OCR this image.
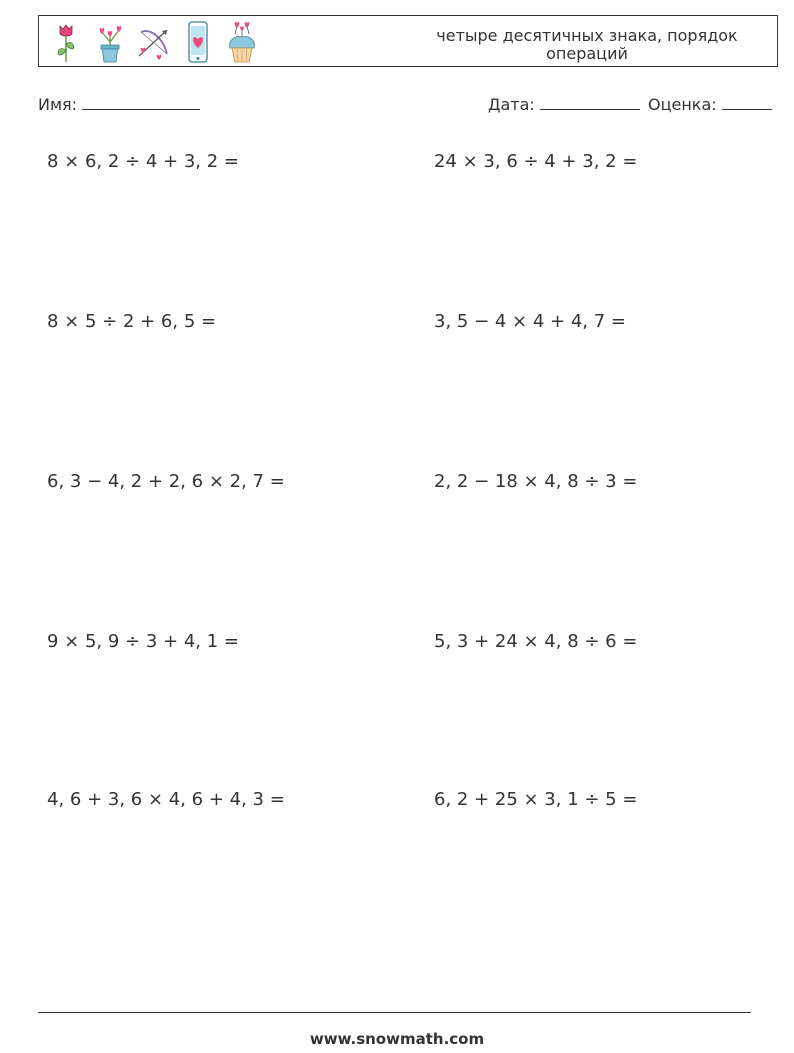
четыре десятичных знака, порядок операций
Имя:	Дата:	Оценка:
8 × 6, 2 ÷ 4 + 3, 2 =	24 × 3, 6 ÷ 4 + 3, 2 =
8 × 5 ÷ 2 + 6, 5 =	3, 5 − 4 × 4 + 4, 7 =
6, 3 − 4, 2 + 2, 6 × 2, 7 =	2, 2 − 18 × 4, 8 ÷ 3 =
9 × 5, 9 ÷ 3 + 4, 1 =	5, 3 + 24 × 4, 8 ÷ 6 =
4, 6 + 3, 6 × 4, 6 + 4, 3 =	6, 2 + 25 × 3, 1 ÷ 5 =
www.snowmath.com
